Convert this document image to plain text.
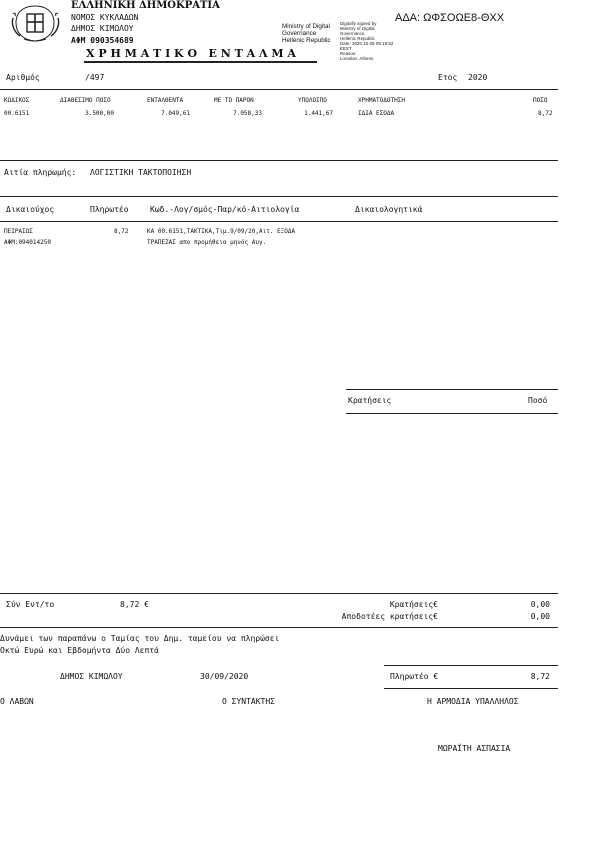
ΕΛΛΗΝΙΚΗ ΔΗΜΟΚΡΑΤΙΑ
ΝΟΜΟΣ ΚΥΚΛΑΔΩΝ
ΔΗΜΟΣ ΚΙΜΩΛΟΥ
ΑΦΜ 090354689
Χ Ρ Η Μ Α Τ Ι Κ Ο   Ε Ν Τ Α Λ Μ Α
Ministry of Digital
Governance
Hellenic Republic
Digitally signed by
Ministry of Digital
Governance,
Hellenic Republic
Date: 2020.10.05 09:19:52
EEST
Reason:
Location: Athens
ΑΔΑ: ΩΦΣΟΩΕ8-ΘΧΧ
Αριθμός	/497	Ετος 2020
ΚΩΔΙΚΟΣ	ΔΙΑΘΕΣΙΜΟ ΠΟΣΟ	ΕΝΤΑΛΘΕΝΤΑ	ΜΕ ΤΟ ΠΑΡΟΝ	ΥΠΟΛΟΙΠΟ	ΧΡΗΜΑΤΟΔΟΤΗΣΗ	ΠΟΣΟ
00.6151	3.500,00	7.049,61	7.058,33	1.441,67	ΙΔΙΑ ΕΣΟΔΑ	8,72
Αιτία πληρωμής: ΛΟΓΙΣΤΙΚΗ ΤΑΚΤΟΠΟΙΗΣΗ
Δικαιούχος	Πληρωτέο	Κωδ.-Λογ/σμός-Παρ/κό-Αιτιολογία	Δικαιολογητικά
ΠΕΙΡΑΙΩΣ
ΑΦΜ:094014250
8,72	ΚΑ 00.6151,ΤΑΚΤΙΚΑ,Τιμ.9/09/20,Αιτ. ΕΞΟΔΑ
ΤΡΑΠΕΖΑΣ απο προμήθεια μηνός Αυγ.
Κρατήσεις	Ποσό
Σύν Εντ/το	8,72 €	Κρατήσεις€	0,00
Αποδοτέες κρατήσεις€	0,00
Δυνάμει των παραπάνω ο Ταμίας του Δημ. ταμείου να πληρώσει
Οκτώ Ευρώ και Εβδομήντα Δύο Λεπτά
ΔΗΜΟΣ ΚΙΜΩΛΟΥ	30/09/2020	Πληρωτέο €	8,72
Ο ΛΑΒΩΝ	Ο ΣΥΝΤΑΚΤΗΣ	Η ΑΡΜΟΔΙΑ ΥΠΑΛΛΗΛΟΣ
ΜΩΡΑΪΤΗ ΑΣΠΑΣΙΑ
